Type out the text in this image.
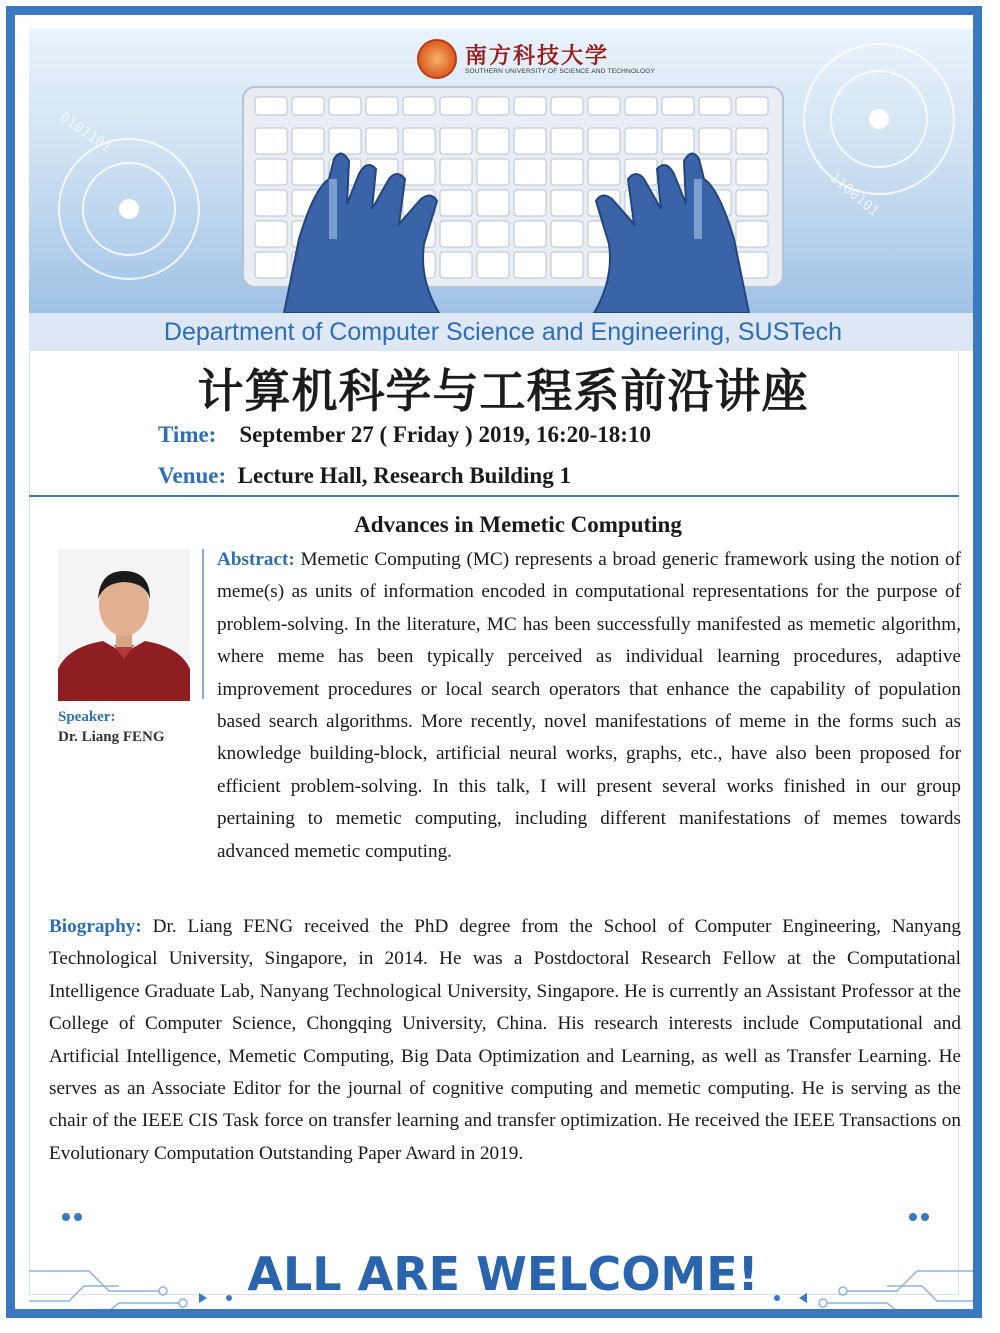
0101101
1100101
南方科技大学
SOUTHERN UNIVERSITY OF SCIENCE AND TECHNOLOGY
Department of Computer Science and Engineering, SUSTech
计算机科学与工程系前沿讲座
Time: September 27 ( Friday ) 2019, 16:20-18:10
Venue: Lecture Hall, Research Building 1
Advances in Memetic Computing
Speaker:
Dr. Liang FENG
Abstract: Memetic Computing (MC) represents a broad generic framework using the notion of meme(s) as units of information encoded in computational representations for the purpose of problem-solving. In the literature, MC has been successfully manifested as memetic algorithm, where meme has been typically perceived as individual learning procedures, adaptive improvement procedures or local search operators that enhance the capability of population based search algorithms. More recently, novel manifestations of meme in the forms such as knowledge building-block, artificial neural works, graphs, etc., have also been proposed for efficient problem-solving. In this talk, I will present several works finished in our group pertaining to memetic computing, including different manifestations of memes towards advanced memetic computing.
Biography: Dr. Liang FENG received the PhD degree from the School of Computer Engineering, Nanyang Technological University, Singapore, in 2014. He was a Postdoctoral Research Fellow at the Computational Intelligence Graduate Lab, Nanyang Technological University, Singapore. He is currently an Assistant Professor at the College of Computer Science, Chongqing University, China. His research interests include Computational and Artificial Intelligence, Memetic Computing, Big Data Optimization and Learning, as well as Transfer Learning. He serves as an Associate Editor for the journal of cognitive computing and memetic computing. He is serving as the chair of the IEEE CIS Task force on transfer learning and transfer optimization. He received the IEEE Transactions on Evolutionary Computation Outstanding Paper Award in 2019.
ALL ARE WELCOME!
